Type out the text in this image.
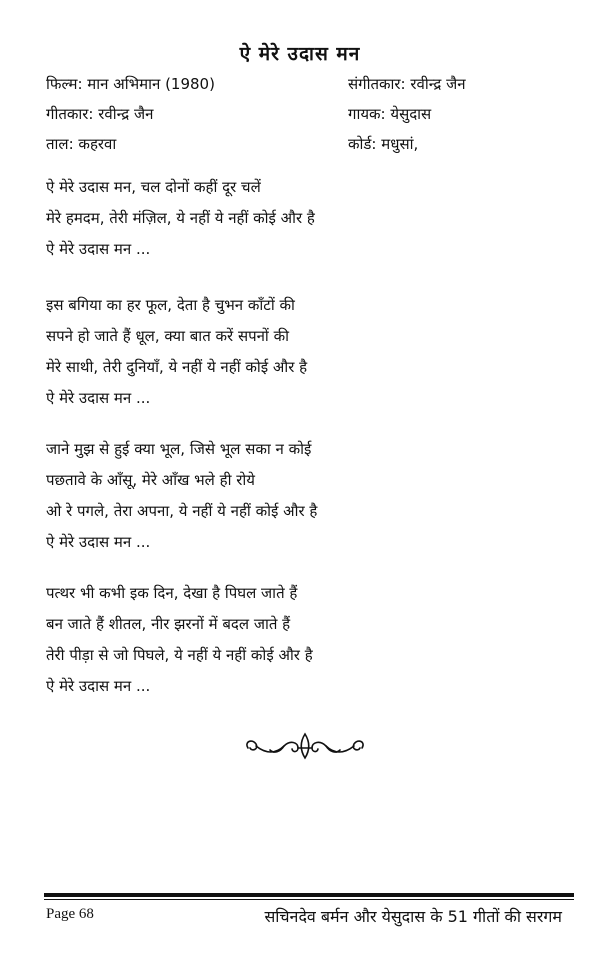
ऐ मेरे उदास मन
फिल्म: मान अभिमान (1980)	संगीतकार: रवीन्द्र जैन
गीतकार: रवीन्द्र जैन	गायक: येसुदास
ताल: कहरवा	कोर्ड: मधुसां,
ऐ मेरे उदास मन, चल दोनों कहीं दूर चलें
मेरे हमदम, तेरी मंज़िल, ये नहीं ये नहीं कोई और है
ऐ मेरे उदास मन ...
इस बगिया का हर फूल, देता है चुभन काँटों की
सपने हो जाते हैं धूल, क्या बात करें सपनों की
मेरे साथी, तेरी दुनियाँ, ये नहीं ये नहीं कोई और है
ऐ मेरे उदास मन ...
जाने मुझ से हुई क्या भूल, जिसे भूल सका न कोई
पछतावे के आँसू, मेरे आँख भले ही रोये
ओ रे पगले, तेरा अपना, ये नहीं ये नहीं कोई और है
ऐ मेरे उदास मन ...
पत्थर भी कभी इक दिन, देखा है पिघल जाते हैं
बन जाते हैं शीतल, नीर झरनों में बदल जाते हैं
तेरी पीड़ा से जो पिघले, ये नहीं ये नहीं कोई और है
ऐ मेरे उदास मन ...
Page 68	सचिनदेव बर्मन और येसुदास के 51 गीतों की सरगम
